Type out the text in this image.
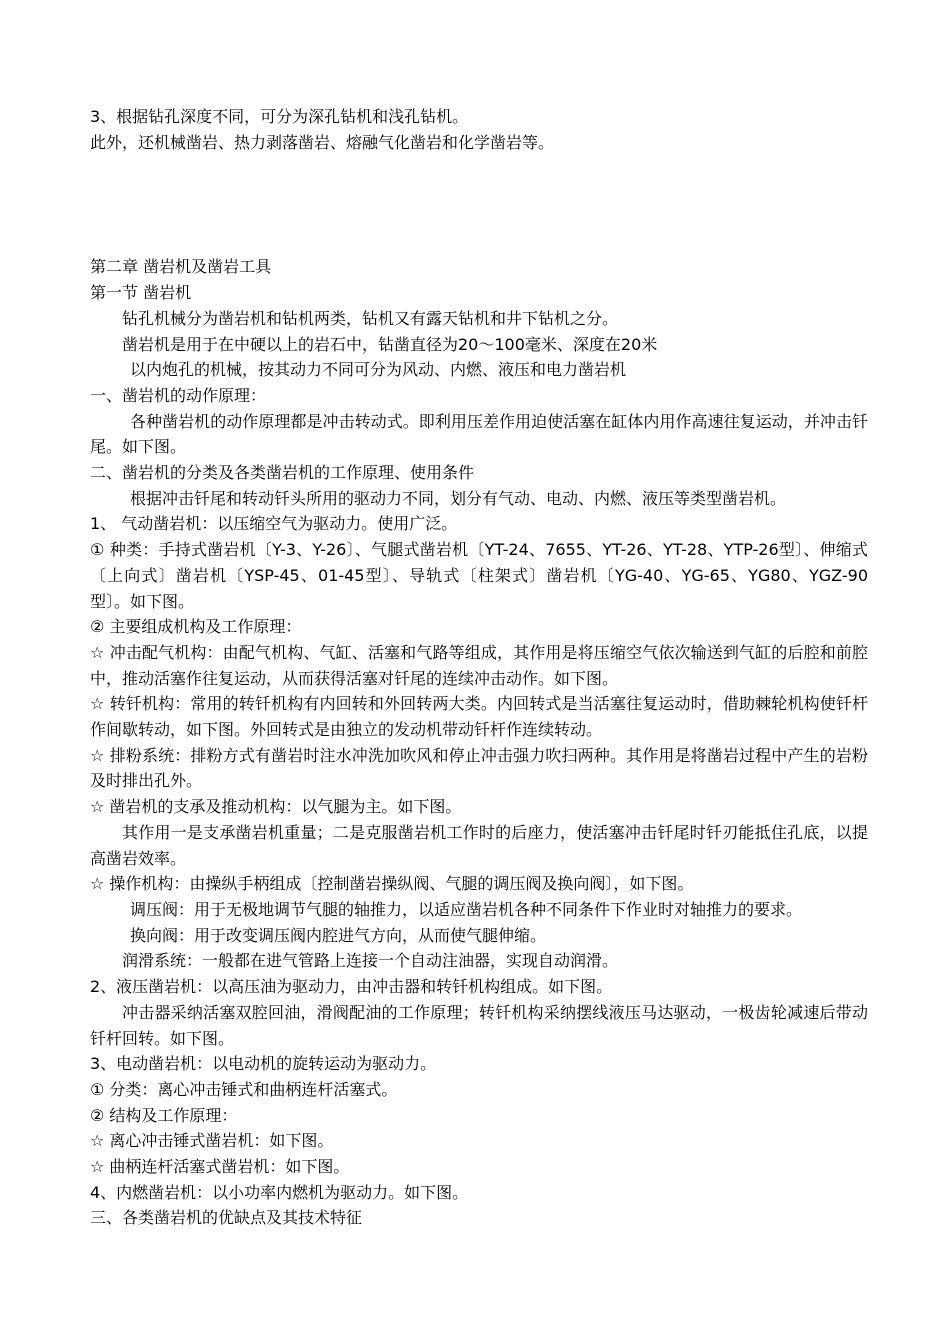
3、根据钻孔深度不同，可分为深孔钻机和浅孔钻机。

此外，还机械凿岩、热力剥落凿岩、熔融气化凿岩和化学凿岩等。

第二章 凿岩机及凿岩工具

第一节 凿岩机

钻孔机械分为凿岩机和钻机两类，钻机又有露天钻机和井下钻机之分。

凿岩机是用于在中硬以上的岩石中，钻凿直径为20～100毫米、深度在20米

以内炮孔的机械，按其动力不同可分为风动、内燃、液压和电力凿岩机

一、凿岩机的动作原理：

各种凿岩机的动作原理都是冲击转动式。即利用压差作用迫使活塞在缸体内用作高速往复运动，并冲击钎尾。如下图。

二、凿岩机的分类及各类凿岩机的工作原理、使用条件

根据冲击钎尾和转动钎头所用的驱动力不同，划分有气动、电动、内燃、液压等类型凿岩机。

1、 气动凿岩机：以压缩空气为驱动力。使用广泛。

① 种类：手持式凿岩机〔Y-3、Y-26〕、气腿式凿岩机〔YT-24、7655、YT-26、YT-28、YTP-26型〕、伸缩式〔上向式〕凿岩机〔YSP-45、01-45型〕、导轨式〔柱架式〕凿岩机〔YG-40、YG-65、YG80、YGZ-90型〕。如下图。

② 主要组成机构及工作原理：

☆ 冲击配气机构：由配气机构、气缸、活塞和气路等组成，其作用是将压缩空气依次输送到气缸的后腔和前腔中，推动活塞作往复运动，从而获得活塞对钎尾的连续冲击动作。如下图。

☆ 转钎机构：常用的转钎机构有内回转和外回转两大类。内回转式是当活塞往复运动时，借助棘轮机构使钎杆作间歇转动，如下图。外回转式是由独立的发动机带动钎杆作连续转动。

☆ 排粉系统：排粉方式有凿岩时注水冲洗加吹风和停止冲击强力吹扫两种。其作用是将凿岩过程中产生的岩粉及时排出孔外。

☆ 凿岩机的支承及推动机构：以气腿为主。如下图。

其作用一是支承凿岩机重量；二是克服凿岩机工作时的后座力，使活塞冲击钎尾时钎刃能抵住孔底，以提高凿岩效率。

☆ 操作机构：由操纵手柄组成〔控制凿岩操纵阀、气腿的调压阀及换向阀〕，如下图。

调压阀：用于无极地调节气腿的轴推力，以适应凿岩机各种不同条件下作业时对轴推力的要求。

换向阀：用于改变调压阀内腔进气方向，从而使气腿伸缩。

润滑系统：一般都在进气管路上连接一个自动注油器，实现自动润滑。

2、液压凿岩机：以高压油为驱动力，由冲击器和转钎机构组成。如下图。

冲击器采纳活塞双腔回油，滑阀配油的工作原理；转钎机构采纳摆线液压马达驱动，一极齿轮减速后带动钎杆回转。如下图。

3、电动凿岩机：以电动机的旋转运动为驱动力。

① 分类：离心冲击锤式和曲柄连杆活塞式。

② 结构及工作原理：

☆ 离心冲击锤式凿岩机：如下图。

☆ 曲柄连杆活塞式凿岩机：如下图。

4、内燃凿岩机：以小功率内燃机为驱动力。如下图。

三、各类凿岩机的优缺点及其技术特征
